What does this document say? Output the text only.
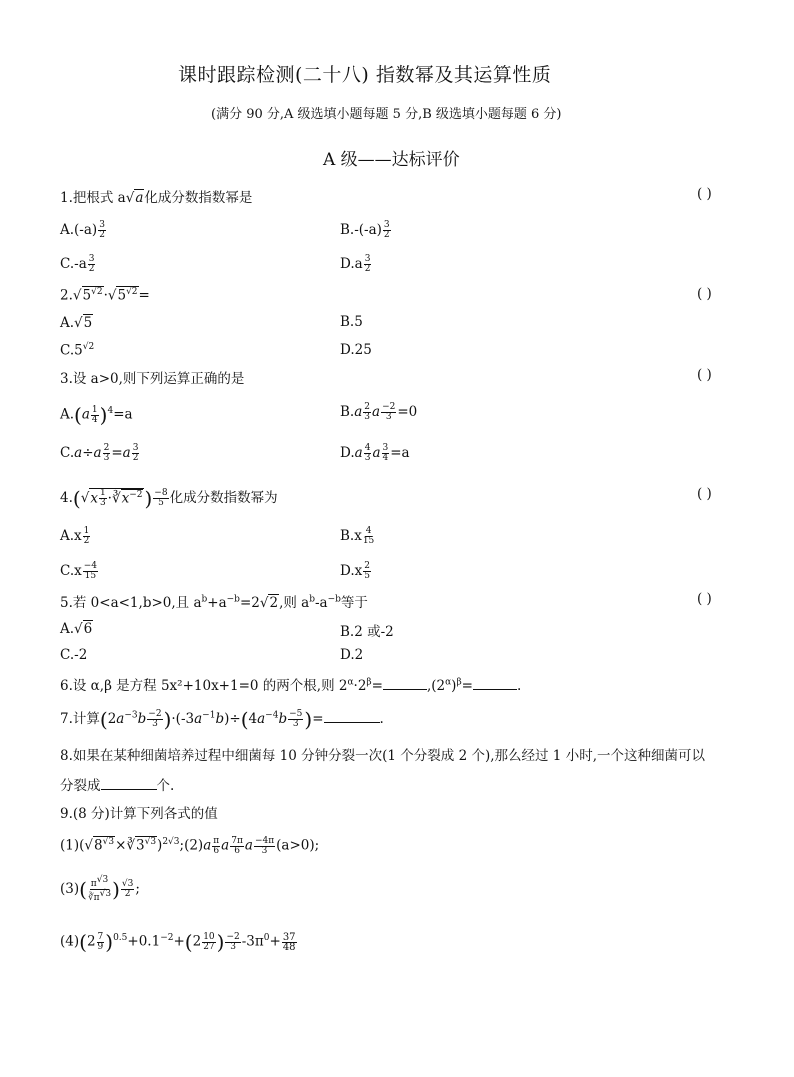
课时跟踪检测(二十八) 指数幂及其运算性质
(满分 90 分,A 级选填小题每题 5 分,B 级选填小题每题 6 分)
A 级——达标评价
1.把根式 a√a化成分数指数幂是	( )
$A.(-a) \frac{3}{2}$	$B.-(-a) \frac{3}{2}$
$C.-a \frac{3}{2}$	$D.a \frac{3}{2}$
$2.√5^{√2}\cdot√5^{√2}=$	( )
A.√5	B.5
$C.5^{√2}$	D.25
3.设 a>0,则下列运算正确的是	( )
$A.(a \frac{1}{4} )^4=a$	$B.a \frac{2}{3}$ a $\frac{-2}{3} =0$
$C.a\div a \frac{2}{3} =a \frac{3}{2}$	$D.a \frac{4}{3}$ a $\frac{3}{4} =a$
$4.(√x \frac{1}{3}$ $\cdot∛x^{-2}$ ) $\frac{-8}{5}$ 化成分数指数幂为	( )
$A.x \frac{1}{2}$	$B.x \frac{4}{15}$
$C.x \frac{-4}{15}$	$D.x \frac{2}{5}$
5.若 0<a<1,b>0,且 $a^b+a^{-b}=2√2$,则 $a^b-a^{-b}$等于	( )
A.√6	B.2 或-2
C.-2	D.2
6.设 α,β 是方程 5x²+10x+1=0 的两个根,则 $2^\alpha\cdot 2^\beta=$	$,(2^\alpha)^\beta=$	.
7.计算$(2a^{-3}b \frac{-2}{3} )\cdot(-3a^{-1}b)\div(4a^{-4}b \frac{-5}{3}$ )=	.
8.如果在某种细菌培养过程中细菌每 10 分钟分裂一次(1 个分裂成 2 个),那么经过 1 小时,一个这种细菌可以
分裂成	个.
9.(8 分)计算下列各式的值
$(1)(√8^{√3}\times∛3^{√3})^{2√3};(2)a \frac{\pi}{6}$ a $\frac{7\pi}{6}$ a $\frac{-4\pi}{3} (a>0)$;
$(3)( \frac{\pi^{√3}}{∛\pi^{√3}}$ ) $\frac{√3}{2}$ ;
$(4)(2 \frac{7}{9} )^{0.5}+0.1^{-2}+(2 \frac{10}{27}$ ) $\frac{-2}{3} -3\pi^0+ \frac{37}{48}$
